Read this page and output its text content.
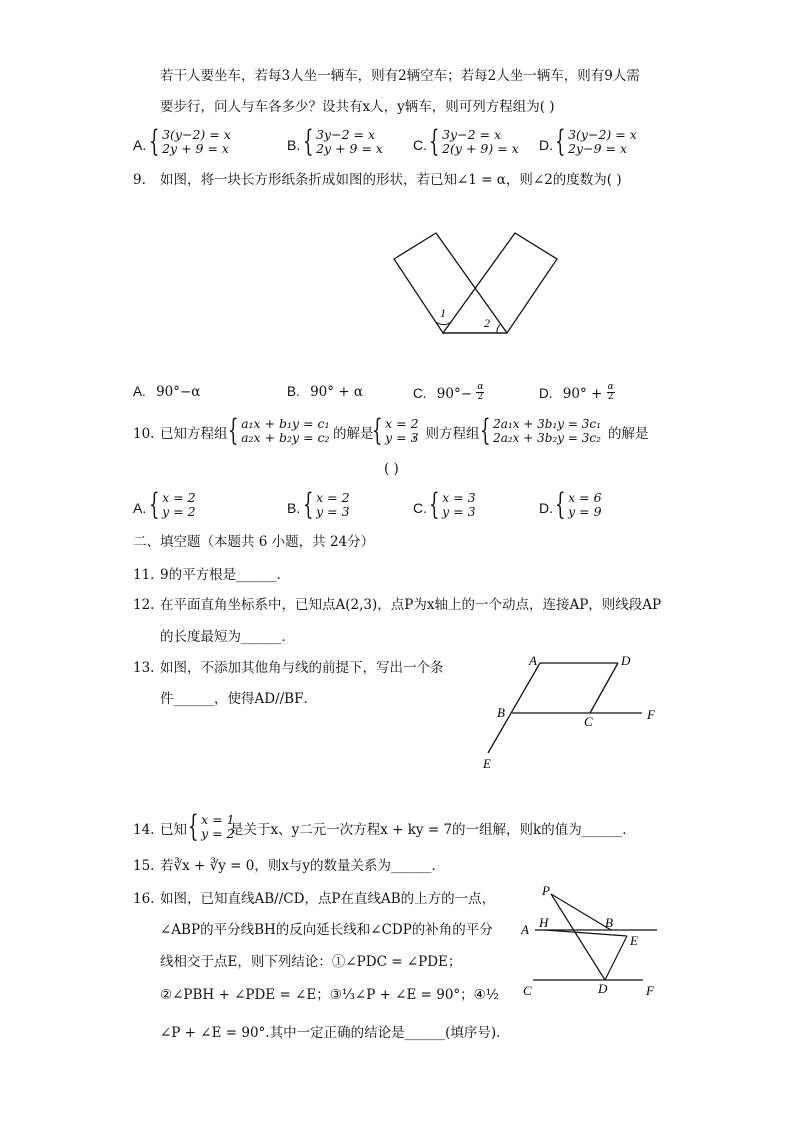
若干人要坐车，若每3人坐一辆车，则有2辆空车；若每2人坐一辆车，则有9人需
要步行，问人与车各多少？设共有x人，y辆车，则可列方程组为( )
A. { 3(y−2) = x
2y + 9 = x	B. { 3y−2 = x
2y + 9 = x C. { 3y−2 = x
2(y + 9) = x D. { 3(y−2) = x
2y−9 = x
9. 如图，将一块长方形纸条折成如图的形状，若已知∠1 = α，则∠2的度数为( )
1
2
A. 90°−α	B. 90° + α	C. $90^\circ- \frac{\alpha}{2}$	D. $90^\circ + \frac{\alpha}{2}$
10. 已知方程组 { a₁x + b₁y = c₁
a₂x + b₂y = c₂ 的解是
{ x = 2
y = 3
，则方程组 { 2a₁x + 3b₁y = 3c₁
2a₂x + 3b₂y = 3c₂ 的解是
( )
A. { x = 2
y = 2	B. { x = 2
y = 3	C. { x = 3
y = 3	D. { x = 6
y = 9
二、填空题（本题共 6 小题，共 24分）
11. 9的平方根是______．
12. 在平面直角坐标系中，已知点A(2,3)，点P为x轴上的一个动点，连接AP，则线段AP
的长度最短为______．
13. 如图，不添加其他角与线的前提下，写出一个条
件______，使得AD//BF．
A	D
B
C	F
E
14. 已知 { x = 1
y = 2
是关于x、y二元一次方程x + ky = 7的一组解，则k的值为______．
15. 若∛x + ∛y = 0，则x与y的数量关系为______．
16. 如图，已知直线AB//CD，点P在直线AB的上方的一点，
∠ABP的平分线BH的反向延长线和∠CDP的补角的平分
线相交于点E，则下列结论：①∠PDC = ∠PDE；
②∠PBH + ∠PDE = ∠E；③⅓∠P + ∠E = 90°；④½
∠P + ∠E = 90°.其中一定正确的结论是______(填序号)．
P
H	B
A
E
C	D	F
